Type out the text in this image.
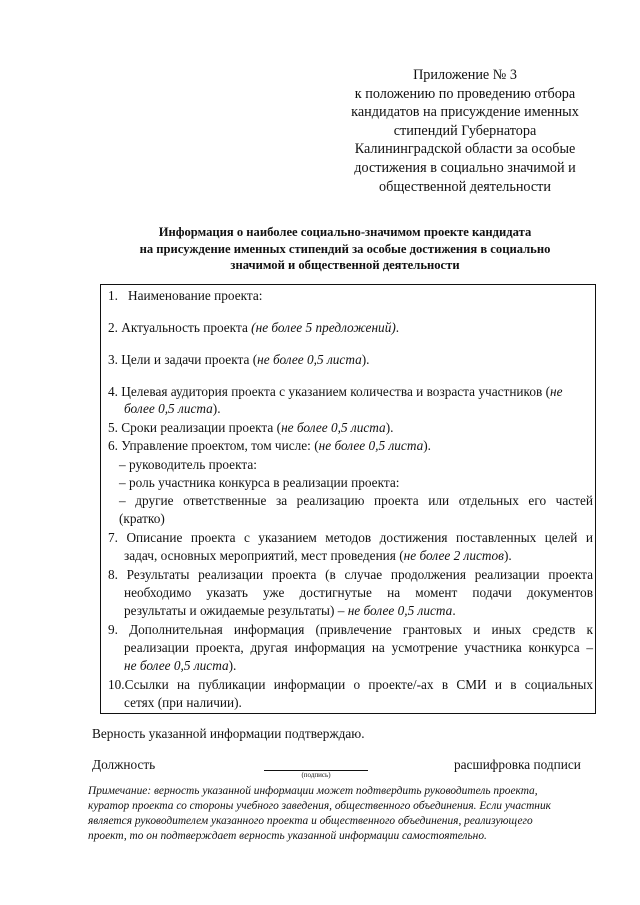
Приложение № 3
к положению по проведению отбора
кандидатов на присуждение именных
стипендий Губернатора
Калининградской области за особые
достижения в социально значимой и
общественной деятельности
Информация о наиболее социально-значимом проекте кандидата
на присуждение именных стипендий за особые достижения в социально
значимой и общественной деятельности
1. Наименование проекта:
2. Актуальность проекта (не более 5 предложений).
3. Цели и задачи проекта (не более 0,5 листа).
4. Целевая аудитория проекта с указанием количества и возраста участников (не
более 0,5 листа).
5. Сроки реализации проекта (не более 0,5 листа).
6. Управление проектом, том числе: (не более 0,5 листа).
– руководитель проекта:
– роль участника конкурса в реализации проекта:
– другие ответственные за реализацию проекта или отдельных его частей
(кратко)
7. Описание проекта с указанием методов достижения поставленных целей и
задач, основных мероприятий, мест проведения (не более 2 листов).
8. Результаты реализации проекта (в случае продолжения реализации проекта
необходимо указать уже достигнутые на момент подачи документов
результаты и ожидаемые результаты) – не более 0,5 листа.
9. Дополнительная информация (привлечение грантовых и иных средств к
реализации проекта, другая информация на усмотрение участника конкурса –
не более 0,5 листа).
10.Ссылки на публикации информации о проекте/-ах в СМИ и в социальных
сетях (при наличии).
Верность указанной информации подтверждаю.
Должность
(подпись)
расшифровка подписи
Примечание: верность указанной информации может подтвердить руководитель проекта,
куратор проекта со стороны учебного заведения, общественного объединения. Если участник
является руководителем указанного проекта и общественного объединения, реализующего
проект, то он подтверждает верность указанной информации самостоятельно.
